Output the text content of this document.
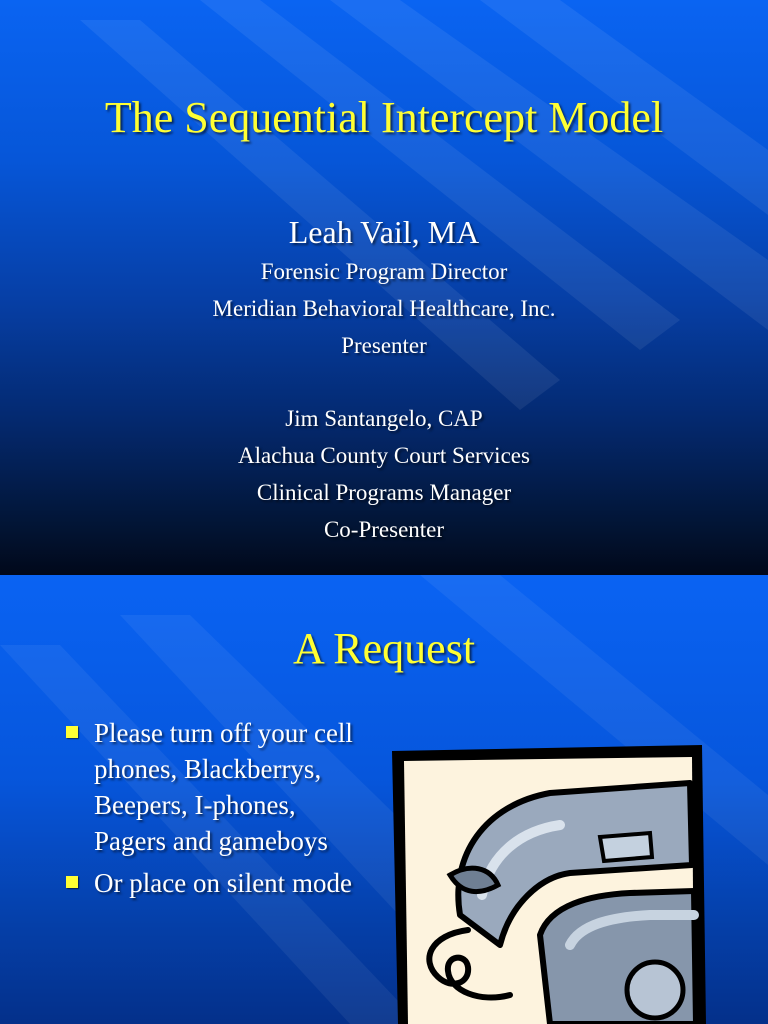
The Sequential Intercept Model
Leah Vail, MA
Forensic Program Director
Meridian Behavioral Healthcare, Inc.
Presenter
Jim Santangelo, CAP
Alachua County Court Services
Clinical Programs Manager
Co-Presenter
A Request
Please turn off your cell phones, Blackberrys, Beepers, I-phones, Pagers and gameboys
Or place on silent mode
